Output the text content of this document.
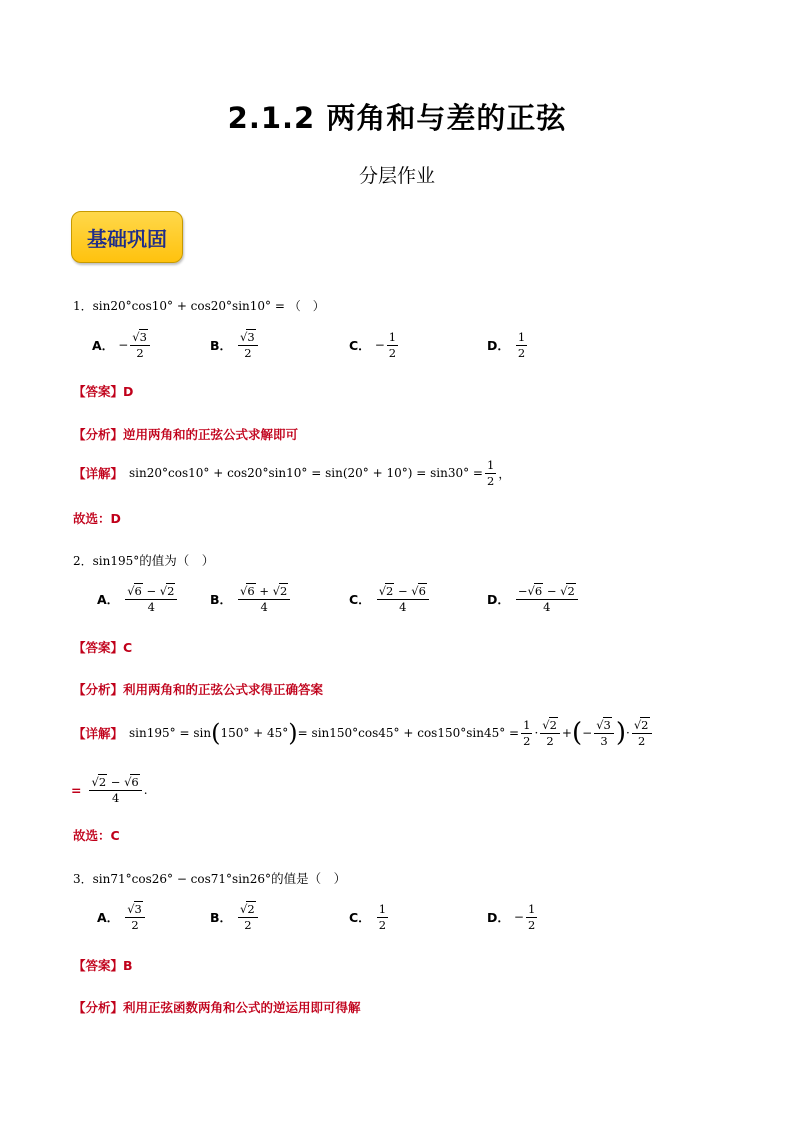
2.1.2 两角和与差的正弦
分层作业
基础巩固
1．sin20°cos10° + cos20°sin10° = （　）
A． − $\frac{√3}{2}$	B． $\frac{√3}{2}$	C． − $\frac{1}{2}$	D． $\frac{1}{2}$
【答案】D
【分析】逆用两角和的正弦公式求解即可
【详解】 $\sin 20^\circ\cos 10^\circ + \cos 20^\circ\sin 10^\circ = \sin(20^\circ + 10^\circ) = \sin 30^\circ = \frac{1}{2}$ ，
故选：D
2．sin195°的值为（　）
A． $\frac{√6 - √2}{4}$	B． $\frac{√6 + √2}{4}$	C． $\frac{√2 - √6}{4}$	D． $\frac{-√6 - √2}{4}$
【答案】C
【分析】利用两角和的正弦公式求得正确答案
【详解】 sin195° = sin ( 150° + 45° ) = $\sin 150^\circ\cos 45^\circ + \cos 150^\circ\sin 45^\circ = \frac{1}{2} \cdot \frac{√2}{2}$ + ( − $\frac{√3}{3}$ ) · $\frac{√2}{2}$
= $\frac{√2 - √6}{4}$ .
故选：C
3．sin71°cos26° − cos71°sin26°的值是（　）
A． $\frac{√3}{2}$	B． $\frac{√2}{2}$	C． $\frac{1}{2}$	D． − $\frac{1}{2}$
【答案】B
【分析】利用正弦函数两角和公式的逆运用即可得解
